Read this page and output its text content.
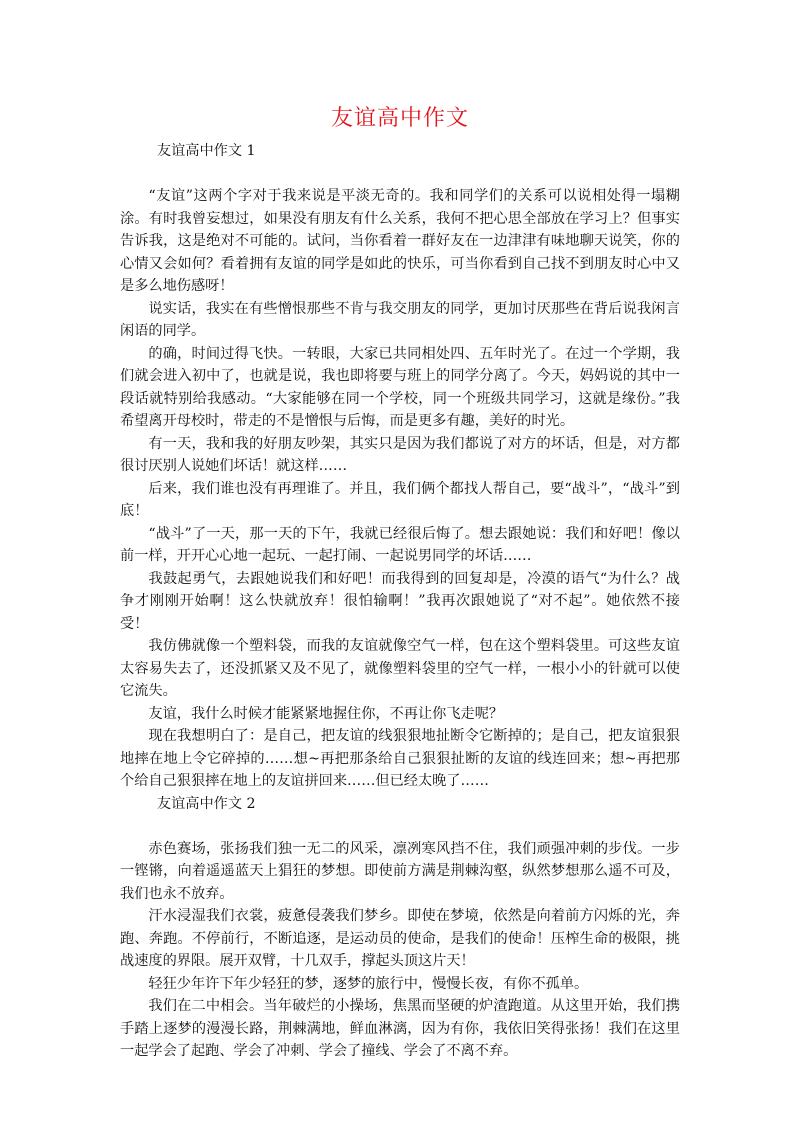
友谊高中作文

友谊高中作文 1

“友谊”这两个字对于我来说是平淡无奇的。我和同学们的关系可以说相处得一塌糊涂。有时我曾妄想过，如果没有朋友有什么关系，我何不把心思全部放在学习上？但事实告诉我，这是绝对不可能的。试问，当你看着一群好友在一边津津有味地聊天说笑，你的心情又会如何？看着拥有友谊的同学是如此的快乐，可当你看到自己找不到朋友时心中又是多么地伤感呀！

说实话，我实在有些憎恨那些不肯与我交朋友的同学，更加讨厌那些在背后说我闲言闲语的同学。

的确，时间过得飞快。一转眼，大家已共同相处四、五年时光了。在过一个学期，我们就会进入初中了，也就是说，我也即将要与班上的同学分离了。今天，妈妈说的其中一段话就特别给我感动。“大家能够在同一个学校，同一个班级共同学习，这就是缘份。”我希望离开母校时，带走的不是憎恨与后悔，而是更多有趣，美好的时光。

有一天，我和我的好朋友吵架，其实只是因为我们都说了对方的坏话，但是，对方都很讨厌别人说她们坏话！就这样……

后来，我们谁也没有再理谁了。并且，我们俩个都找人帮自己，要“战斗”，“战斗”到底！

“战斗”了一天，那一天的下午，我就已经很后悔了。想去跟她说：我们和好吧！像以前一样，开开心心地一起玩、一起打闹、一起说男同学的坏话……

我鼓起勇气，去跟她说我们和好吧！而我得到的回复却是，冷漠的语气“为什么？战争才刚刚开始啊！这么快就放弃！很怕输啊！”我再次跟她说了“对不起”。她依然不接受！

我仿佛就像一个塑料袋，而我的友谊就像空气一样，包在这个塑料袋里。可这些友谊太容易失去了，还没抓紧又及不见了，就像塑料袋里的空气一样，一根小小的针就可以使它流失。

友谊，我什么时候才能紧紧地握住你，不再让你飞走呢？

现在我想明白了：是自己，把友谊的线狠狠地扯断令它断掉的；是自己，把友谊狠狠地摔在地上令它碎掉的……想~再把那条给自己狠狠扯断的友谊的线连回来；想~再把那个给自己狠狠摔在地上的友谊拼回来……但已经太晚了……

友谊高中作文 2

赤色赛场，张扬我们独一无二的风采，凛冽寒风挡不住，我们顽强冲刺的步伐。一步一铿锵，向着遥遥蓝天上猖狂的梦想。即使前方满是荆棘沟壑，纵然梦想那么遥不可及，我们也永不放弃。

汗水浸湿我们衣裳，疲惫侵袭我们梦乡。即使在梦境，依然是向着前方闪烁的光，奔跑、奔跑。不停前行，不断追逐，是运动员的使命，是我们的使命！压榨生命的极限，挑战速度的界限。展开双臂，十几双手，撑起头顶这片天！

轻狂少年许下年少轻狂的梦，逐梦的旅行中，慢慢长夜，有你不孤单。

我们在二中相会。当年破烂的小操场，焦黑而坚硬的炉渣跑道。从这里开始，我们携手踏上逐梦的漫漫长路，荆棘满地，鲜血淋漓，因为有你，我依旧笑得张扬！我们在这里一起学会了起跑、学会了冲刺、学会了撞线、学会了不离不弃。
